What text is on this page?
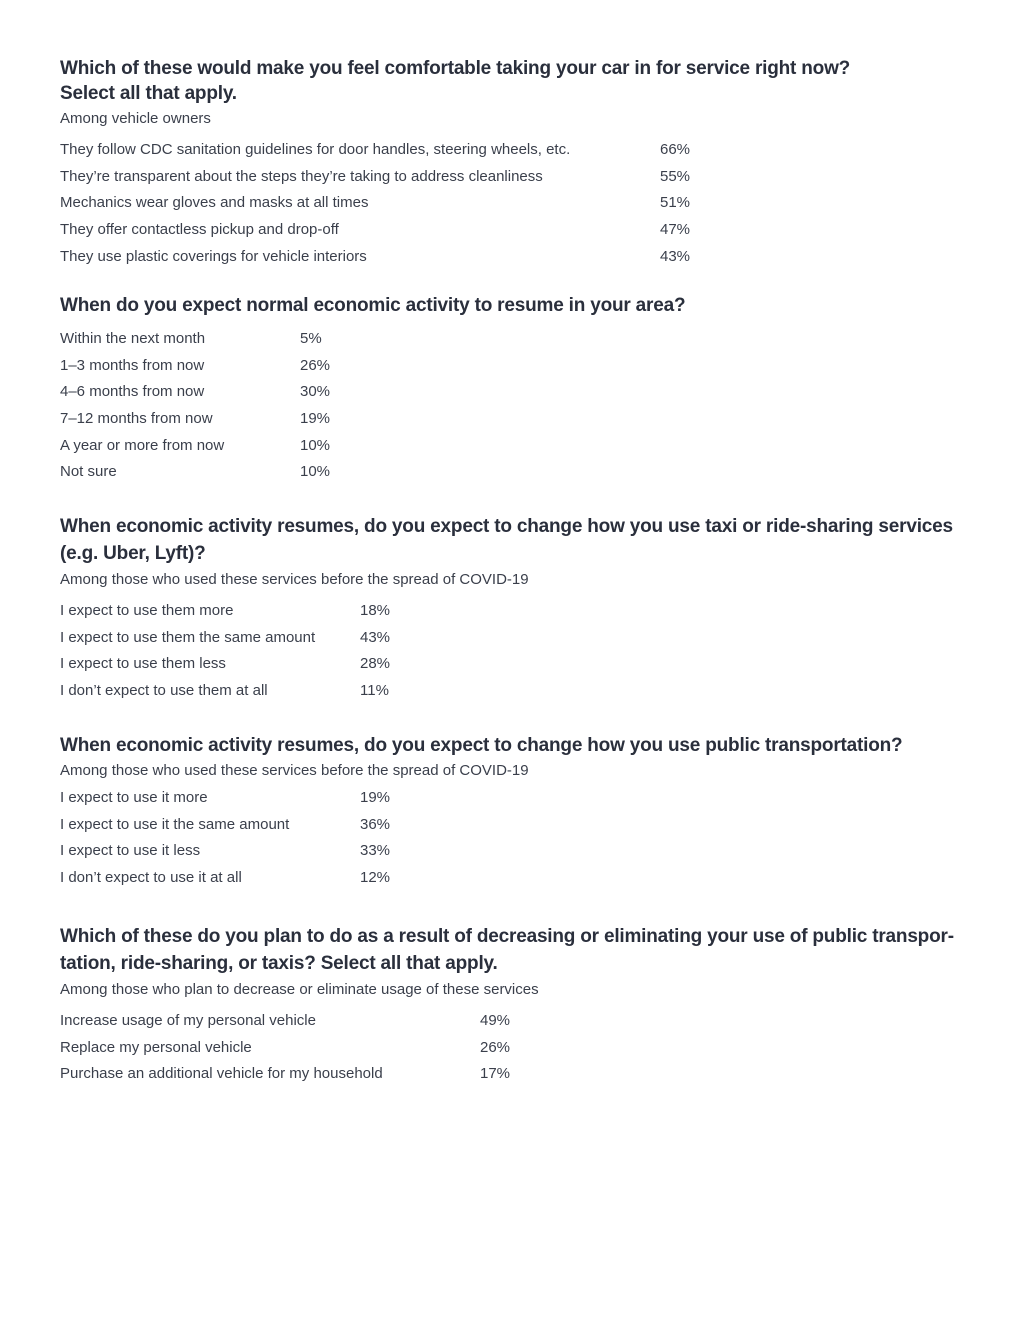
Which of these would make you feel comfortable taking your car in for service right now?
Select all that apply.
Among vehicle owners
They follow CDC sanitation guidelines for door handles, steering wheels, etc.	66%
They’re transparent about the steps they’re taking to address cleanliness	55%
Mechanics wear gloves and masks at all times	51%
They offer contactless pickup and drop-off	47%
They use plastic coverings for vehicle interiors	43%
When do you expect normal economic activity to resume in your area?
Within the next month	5%
1–3 months from now	26%
4–6 months from now	30%
7–12 months from now	19%
A year or more from now	10%
Not sure	10%
When economic activity resumes, do you expect to change how you use taxi or ride-sharing services
(e.g. Uber, Lyft)?
Among those who used these services before the spread of COVID-19
I expect to use them more	18%
I expect to use them the same amount	43%
I expect to use them less	28%
I don’t expect to use them at all	11%
When economic activity resumes, do you expect to change how you use public transportation?
Among those who used these services before the spread of COVID-19
I expect to use it more	19%
I expect to use it the same amount	36%
I expect to use it less	33%
I don’t expect to use it at all	12%
Which of these do you plan to do as a result of decreasing or eliminating your use of public transpor-
tation, ride-sharing, or taxis? Select all that apply.
Among those who plan to decrease or eliminate usage of these services
Increase usage of my personal vehicle	49%
Replace my personal vehicle	26%
Purchase an additional vehicle for my household	17%
